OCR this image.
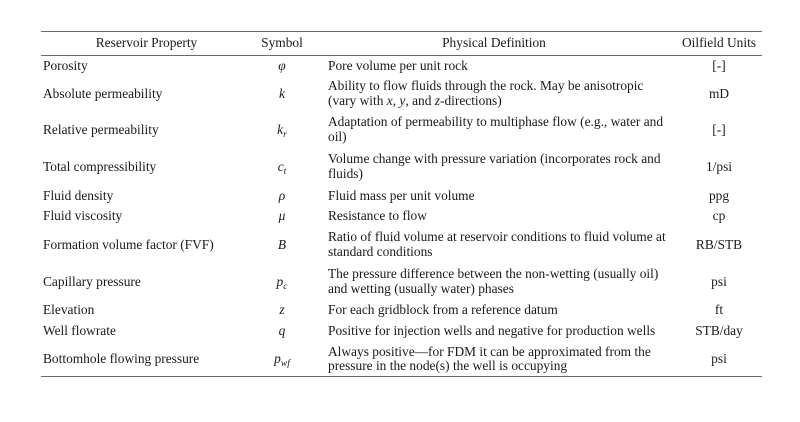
Reservoir Property	Symbol	Physical Definition	Oilfield Units
Porosity	φ	Pore volume per unit rock	[-]
Absolute permeability	k	Ability to flow fluids through the rock. May be anisotropic (vary with x, y, and z-directions)	mD
Relative permeability	$k_r$	Adaptation of permeability to multiphase flow (e.g., water and oil)	[-]
Total compressibility	$c_t$	Volume change with pressure variation (incorporates rock and fluids)	1/psi
Fluid density	ρ	Fluid mass per unit volume	ppg
Fluid viscosity	μ	Resistance to flow	cp
Formation volume factor (FVF)	B	Ratio of fluid volume at reservoir conditions to fluid volume at standard conditions	RB/STB
Capillary pressure	$p_c$	The pressure difference between the non-wetting (usually oil) and wetting (usually water) phases	psi
Elevation	z	For each gridblock from a reference datum	ft
Well flowrate	q	Positive for injection wells and negative for production wells	STB/day
Bottomhole flowing pressure	$p_{wf}$	Always positive—for FDM it can be approximated from the pressure in the node(s) the well is occupying	psi
